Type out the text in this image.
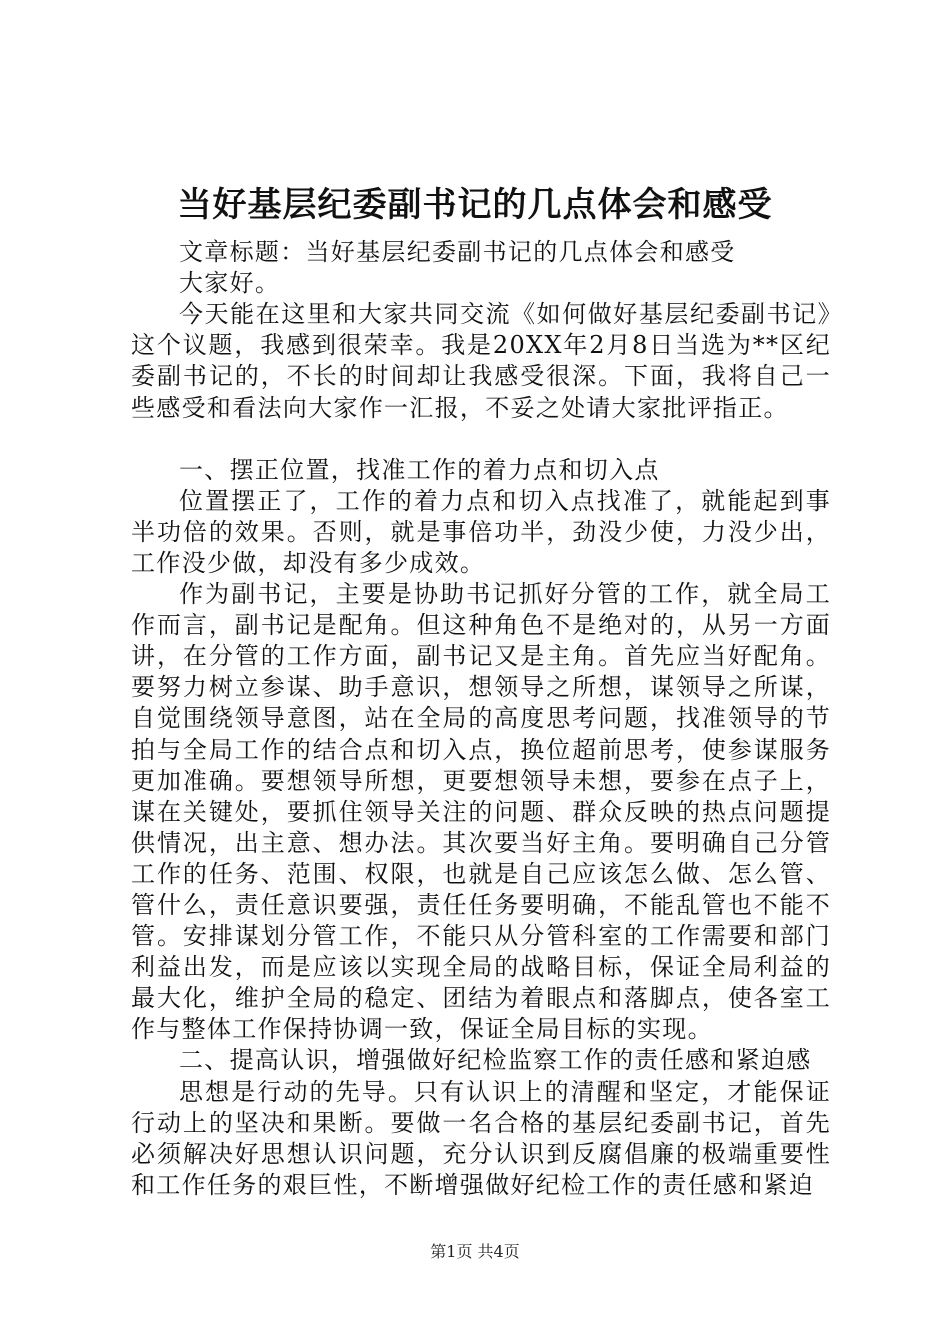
当好基层纪委副书记的几点体会和感受

文章标题：当好基层纪委副书记的几点体会和感受

大家好。

今天能在这里和大家共同交流《如何做好基层纪委副书记》这个议题，我感到很荣幸。我是20XX年2月8日当选为**区纪委副书记的，不长的时间却让我感受很深。下面，我将自己一些感受和看法向大家作一汇报，不妥之处请大家批评指正。

一、摆正位置，找准工作的着力点和切入点

位置摆正了，工作的着力点和切入点找准了，就能起到事半功倍的效果。否则，就是事倍功半，劲没少使，力没少出，工作没少做，却没有多少成效。

作为副书记，主要是协助书记抓好分管的工作，就全局工作而言，副书记是配角。但这种角色不是绝对的，从另一方面讲，在分管的工作方面，副书记又是主角。首先应当好配角。要努力树立参谋、助手意识，想领导之所想，谋领导之所谋，自觉围绕领导意图，站在全局的高度思考问题，找准领导的节拍与全局工作的结合点和切入点，换位超前思考，使参谋服务更加准确。要想领导所想，更要想领导未想，要参在点子上，谋在关键处，要抓住领导关注的问题、群众反映的热点问题提供情况，出主意、想办法。其次要当好主角。要明确自己分管工作的任务、范围、权限，也就是自己应该怎么做、怎么管、管什么，责任意识要强，责任任务要明确，不能乱管也不能不管。安排谋划分管工作，不能只从分管科室的工作需要和部门利益出发，而是应该以实现全局的战略目标，保证全局利益的最大化，维护全局的稳定、团结为着眼点和落脚点，使各室工作与整体工作保持协调一致，保证全局目标的实现。

二、提高认识，增强做好纪检监察工作的责任感和紧迫感

思想是行动的先导。只有认识上的清醒和坚定，才能保证行动上的坚决和果断。要做一名合格的基层纪委副书记，首先必须解决好思想认识问题，充分认识到反腐倡廉的极端重要性和工作任务的艰巨性，不断增强做好纪检工作的责任感和紧迫

第1页 共4页
